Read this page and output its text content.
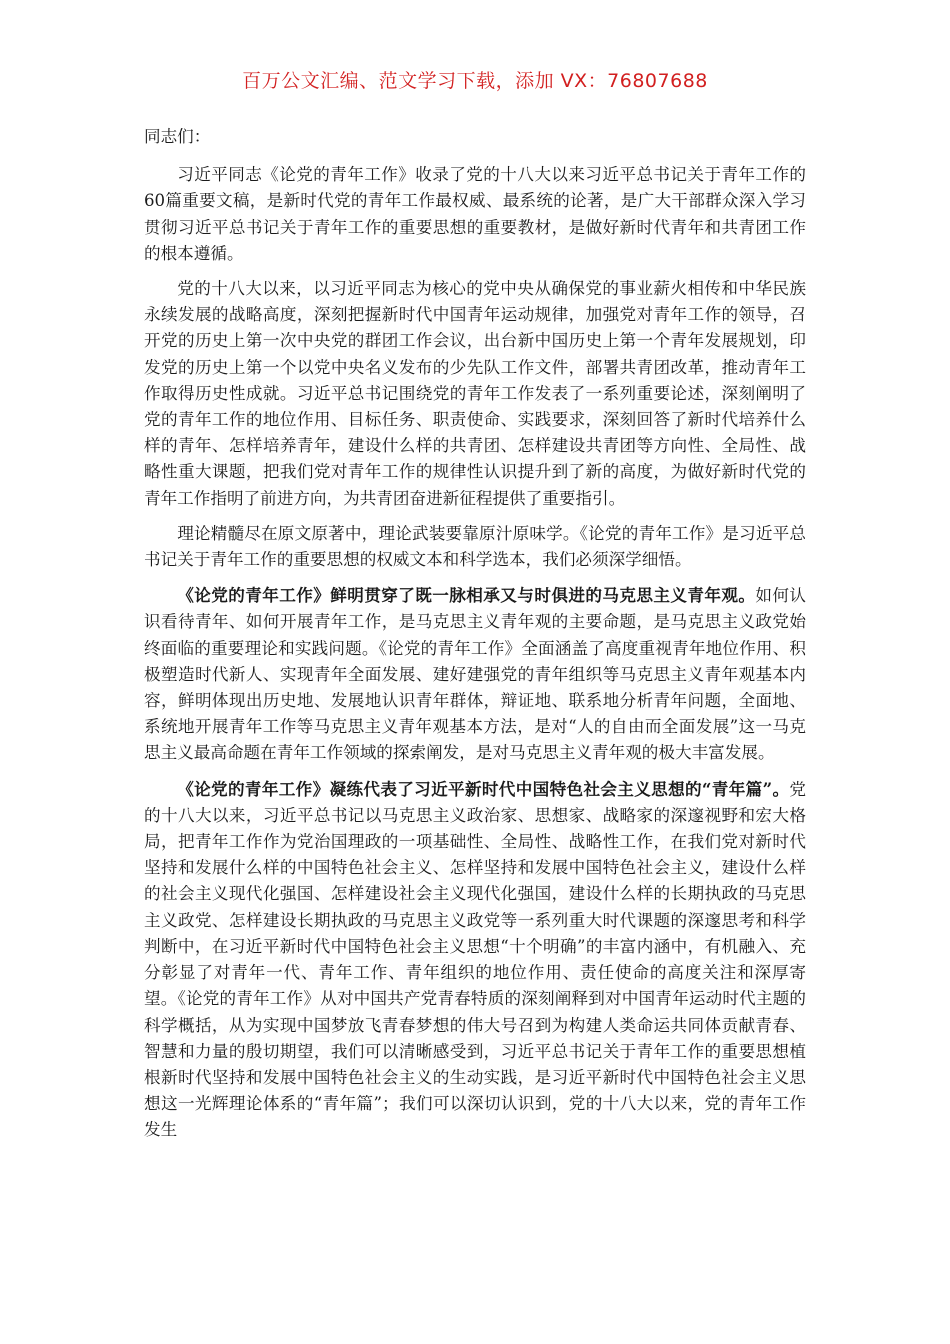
百万公文汇编、范文学习下载，添加 VX：76807688

同志们：

习近平同志《论党的青年工作》收录了党的十八大以来习近平总书记关于青年工作的60篇重要文稿，是新时代党的青年工作最权威、最系统的论著，是广大干部群众深入学习贯彻习近平总书记关于青年工作的重要思想的重要教材，是做好新时代青年和共青团工作的根本遵循。

党的十八大以来，以习近平同志为核心的党中央从确保党的事业薪火相传和中华民族永续发展的战略高度，深刻把握新时代中国青年运动规律，加强党对青年工作的领导，召开党的历史上第一次中央党的群团工作会议，出台新中国历史上第一个青年发展规划，印发党的历史上第一个以党中央名义发布的少先队工作文件，部署共青团改革，推动青年工作取得历史性成就。习近平总书记围绕党的青年工作发表了一系列重要论述，深刻阐明了党的青年工作的地位作用、目标任务、职责使命、实践要求，深刻回答了新时代培养什么样的青年、怎样培养青年，建设什么样的共青团、怎样建设共青团等方向性、全局性、战略性重大课题，把我们党对青年工作的规律性认识提升到了新的高度，为做好新时代党的青年工作指明了前进方向，为共青团奋进新征程提供了重要指引。

理论精髓尽在原文原著中，理论武装要靠原汁原味学。《论党的青年工作》是习近平总书记关于青年工作的重要思想的权威文本和科学选本，我们必须深学细悟。

《论党的青年工作》鲜明贯穿了既一脉相承又与时俱进的马克思主义青年观。如何认识看待青年、如何开展青年工作，是马克思主义青年观的主要命题，是马克思主义政党始终面临的重要理论和实践问题。《论党的青年工作》全面涵盖了高度重视青年地位作用、积极塑造时代新人、实现青年全面发展、建好建强党的青年组织等马克思主义青年观基本内容，鲜明体现出历史地、发展地认识青年群体，辩证地、联系地分析青年问题，全面地、系统地开展青年工作等马克思主义青年观基本方法，是对“人的自由而全面发展”这一马克思主义最高命题在青年工作领域的探索阐发，是对马克思主义青年观的极大丰富发展。

《论党的青年工作》凝练代表了习近平新时代中国特色社会主义思想的“青年篇”。党的十八大以来，习近平总书记以马克思主义政治家、思想家、战略家的深邃视野和宏大格局，把青年工作作为党治国理政的一项基础性、全局性、战略性工作，在我们党对新时代坚持和发展什么样的中国特色社会主义、怎样坚持和发展中国特色社会主义，建设什么样的社会主义现代化强国、怎样建设社会主义现代化强国，建设什么样的长期执政的马克思主义政党、怎样建设长期执政的马克思主义政党等一系列重大时代课题的深邃思考和科学判断中，在习近平新时代中国特色社会主义思想“十个明确”的丰富内涵中，有机融入、充分彰显了对青年一代、青年工作、青年组织的地位作用、责任使命的高度关注和深厚寄望。《论党的青年工作》从对中国共产党青春特质的深刻阐释到对中国青年运动时代主题的科学概括，从为实现中国梦放飞青春梦想的伟大号召到为构建人类命运共同体贡献青春、智慧和力量的殷切期望，我们可以清晰感受到，习近平总书记关于青年工作的重要思想植根新时代坚持和发展中国特色社会主义的生动实践，是习近平新时代中国特色社会主义思想这一光辉理论体系的“青年篇”；我们可以深切认识到，党的十八大以来，党的青年工作发生
